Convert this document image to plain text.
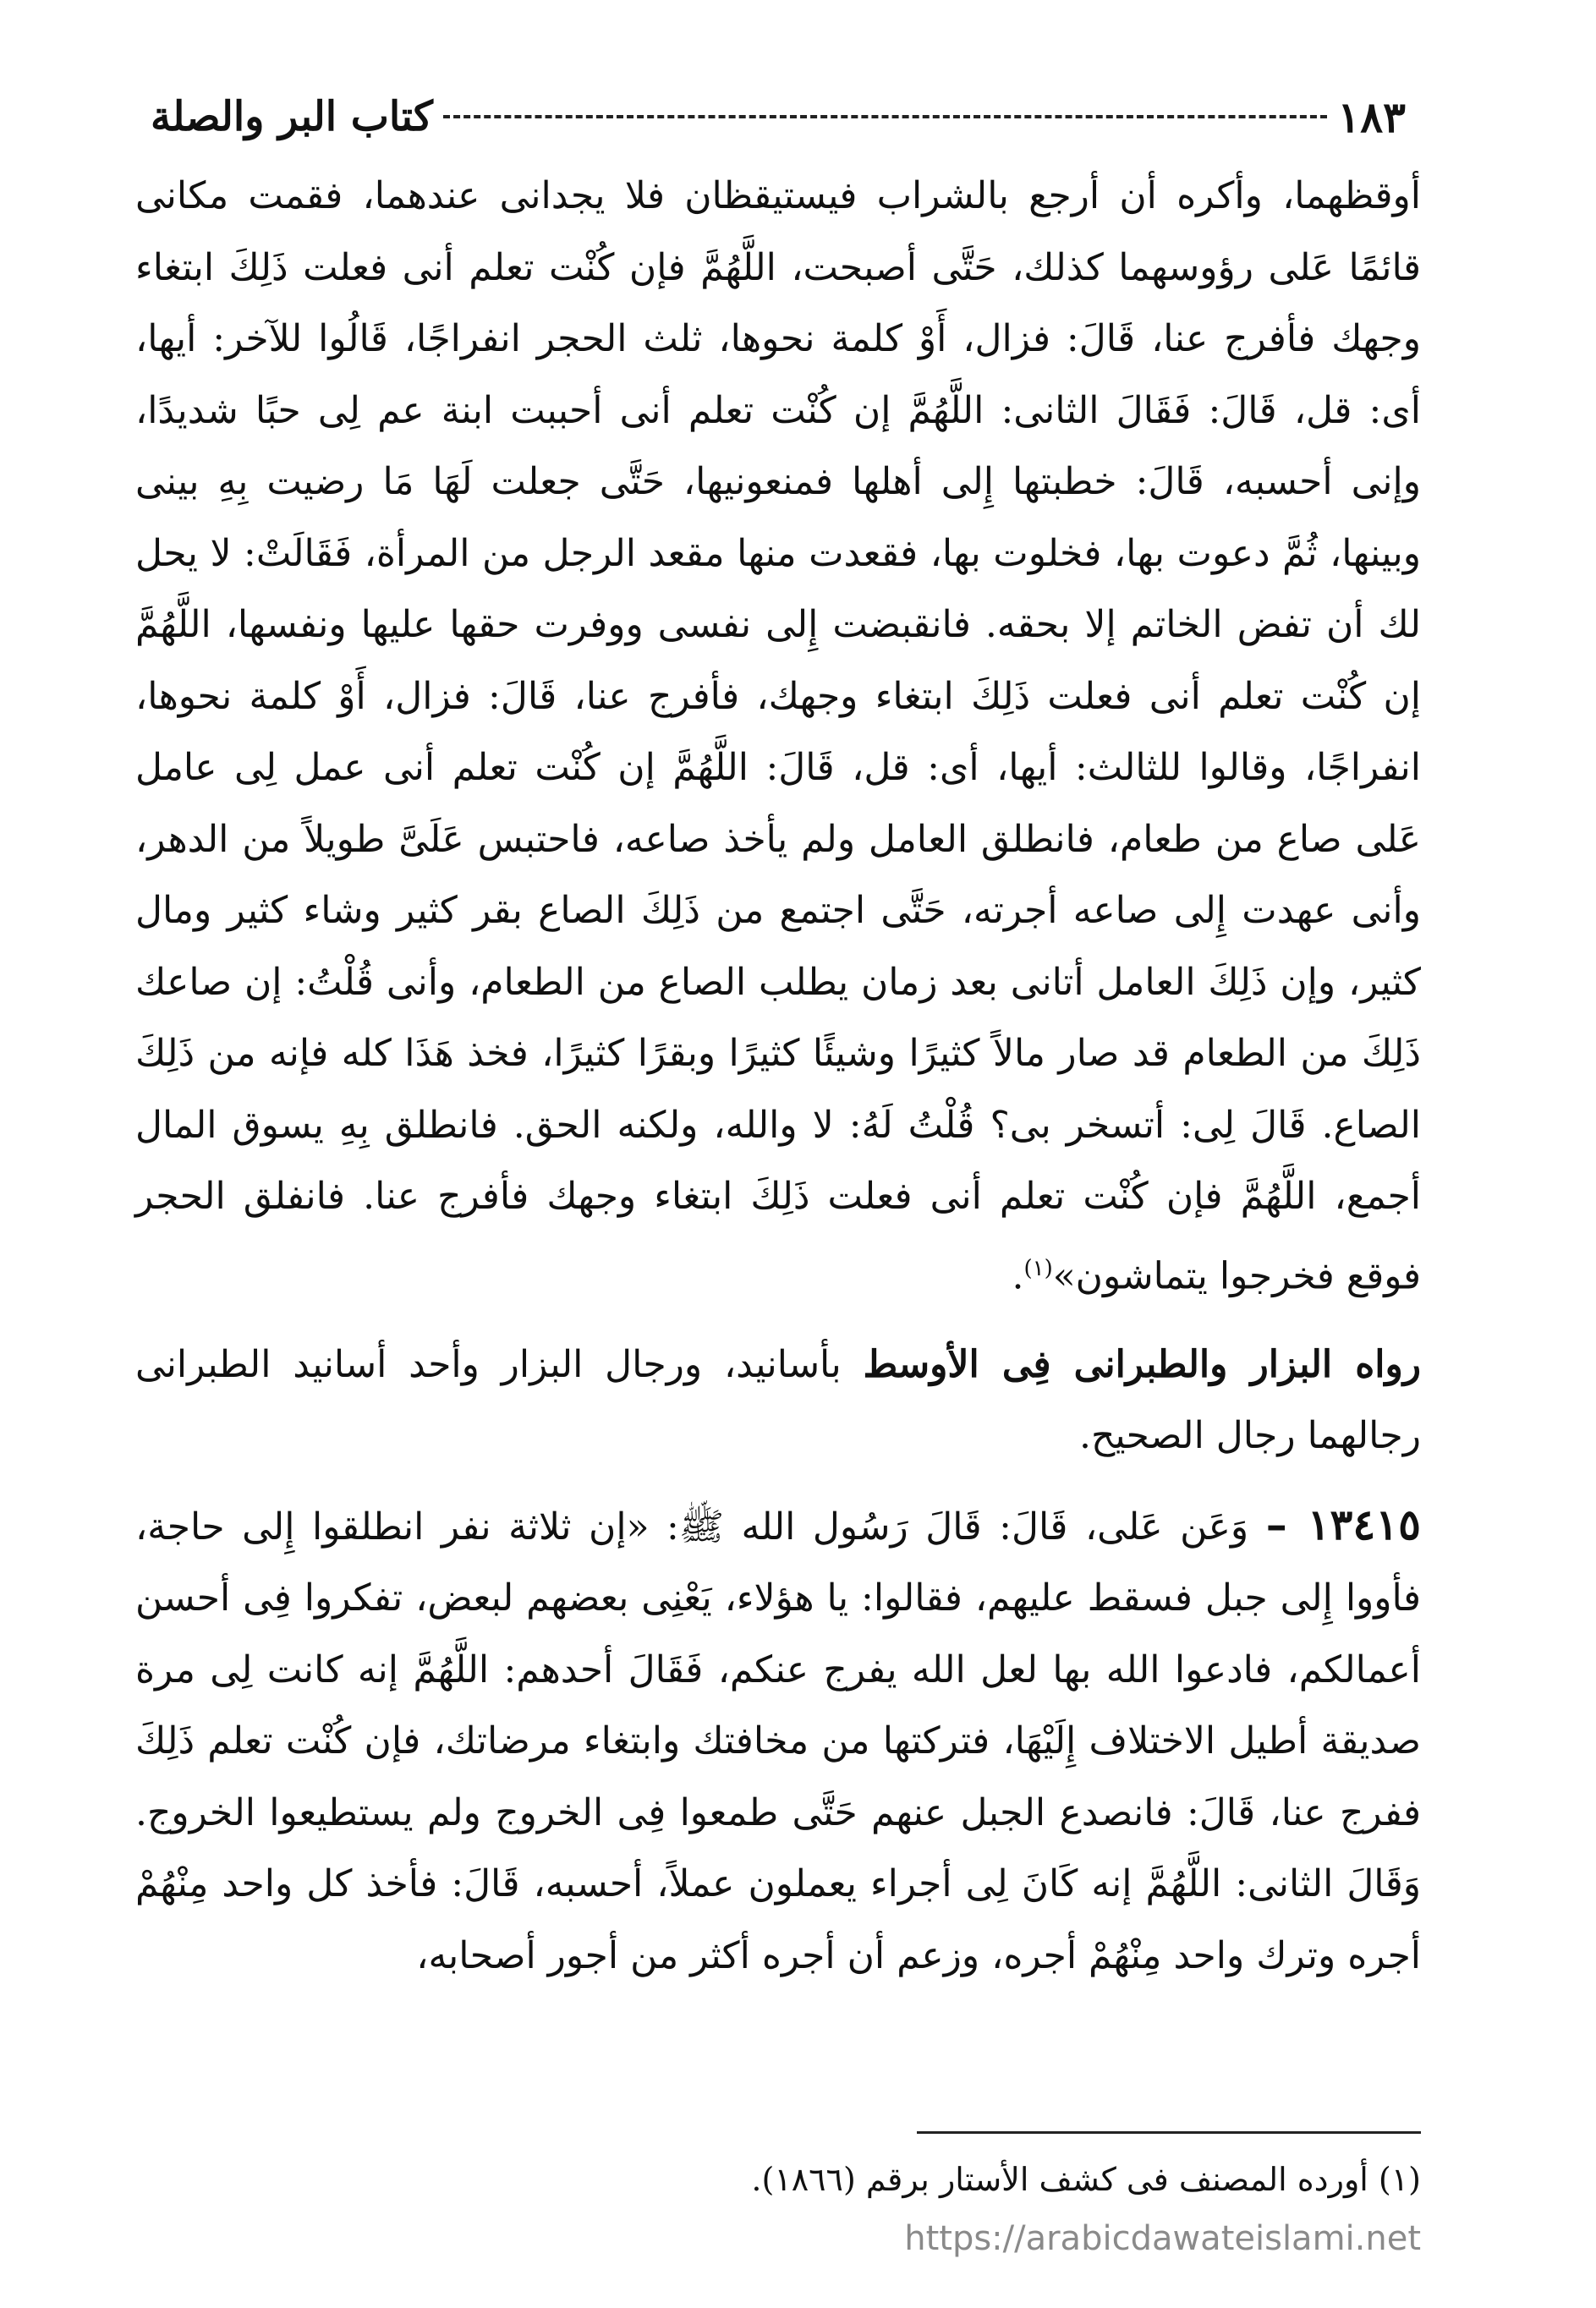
كتاب البر والصلة	١٨٣

أوقظهما، وأكره أن أرجع بالشراب فيستيقظان فلا يجدانى عندهما، فقمت مكانى قائمًا عَلى رؤوسهما كذلك، حَتَّى أصبحت، اللَّهُمَّ فإن كُنْت تعلم أنى فعلت ذَلِكَ ابتغاء وجهك فأفرج عنا، قَالَ: فزال، أَوْ كلمة نحوها، ثلث الحجر انفراجًا، قَالُوا للآخر: أيها، أى: قل، قَالَ: فَقَالَ الثانى: اللَّهُمَّ إن كُنْت تعلم أنى أحببت ابنة عم لِى حبًا شديدًا، وإنى أحسبه، قَالَ: خطبتها إِلى أهلها فمنعونيها، حَتَّى جعلت لَهَا مَا رضيت بِهِ بينى وبينها، ثُمَّ دعوت بها، فخلوت بها، فقعدت منها مقعد الرجل من المرأة، فَقَالَتْ: لا يحل لك أن تفض الخاتم إلا بحقه. فانقبضت إِلى نفسى ووفرت حقها عليها ونفسها، اللَّهُمَّ إن كُنْت تعلم أنى فعلت ذَلِكَ ابتغاء وجهك، فأفرج عنا، قَالَ: فزال، أَوْ كلمة نحوها، انفراجًا، وقالوا للثالث: أيها، أى: قل، قَالَ: اللَّهُمَّ إن كُنْت تعلم أنى عمل لِى عامل عَلى صاع من طعام، فانطلق العامل ولم يأخذ صاعه، فاحتبس عَلَىَّ طويلاً من الدهر، وأنى عهدت إِلى صاعه أجرته، حَتَّى اجتمع من ذَلِكَ الصاع بقر كثير وشاء كثير ومال كثير، وإن ذَلِكَ العامل أتانى بعد زمان يطلب الصاع من الطعام، وأنى قُلْتُ: إن صاعك ذَلِكَ من الطعام قد صار مالاً كثيرًا وشيئًا كثيرًا وبقرًا كثيرًا، فخذ هَذَا كله فإنه من ذَلِكَ الصاع. قَالَ لِى: أتسخر بى؟ قُلْتُ لَهُ: لا والله، ولكنه الحق. فانطلق بِهِ يسوق المال أجمع، اللَّهُمَّ فإن كُنْت تعلم أنى فعلت ذَلِكَ ابتغاء وجهك فأفرج عنا. فانفلق الحجر فوقع فخرجوا يتماشون»$^{(١)}$.

رواه البزار والطبرانى فِى الأوسط بأسانيد، ورجال البزار وأحد أسانيد الطبرانى رجالهما رجال الصحيح.

١٣٤١٥ – وَعَن عَلى، قَالَ: قَالَ رَسُول الله ﷺ: «إن ثلاثة نفر انطلقوا إِلى حاجة، فأووا إِلى جبل فسقط عليهم، فقالوا: يا هؤلاء، يَعْنِى بعضهم لبعض، تفكروا فِى أحسن أعمالكم، فادعوا الله بها لعل الله يفرج عنكم، فَقَالَ أحدهم: اللَّهُمَّ إنه كانت لِى مرة صديقة أطيل الاختلاف إِلَيْهَا، فتركتها من مخافتك وابتغاء مرضاتك، فإن كُنْت تعلم ذَلِكَ ففرج عنا، قَالَ: فانصدع الجبل عنهم حَتَّى طمعوا فِى الخروج ولم يستطيعوا الخروج. وَقَالَ الثانى: اللَّهُمَّ إنه كَانَ لِى أجراء يعملون عملاً، أحسبه، قَالَ: فأخذ كل واحد مِنْهُمْ أجره وترك واحد مِنْهُمْ أجره، وزعم أن أجره أكثر من أجور أصحابه،

(١) أورده المصنف فى كشف الأستار برقم (١٨٦٦).
https://arabicdawateislami.net
